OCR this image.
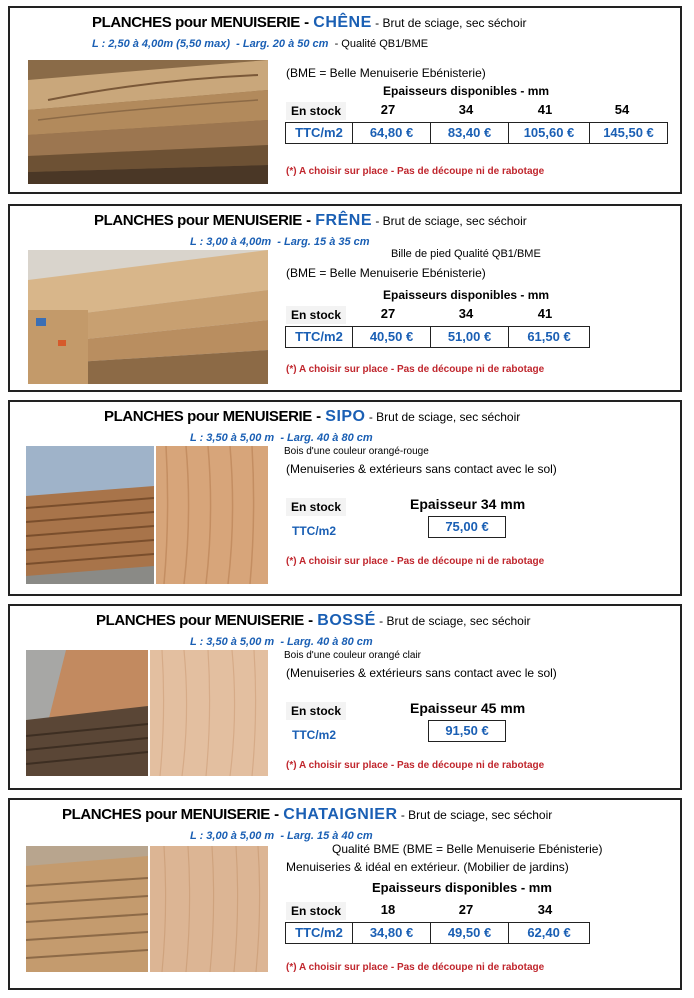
PLANCHES pour MENUISERIE - CHÊNE - Brut de sciage, sec séchoir
L : 2,50 à 4,00m (5,50 max) - Larg. 20 à 50 cm - Qualité QB1/BME
(BME = Belle Menuiserie Ebénisterie)
Epaisseurs disponibles - mm
En stock	27	34	41	54
TTC/m2	64,80 €	83,40 €	105,60 €	145,50 €
(*) A choisir sur place - Pas de découpe ni de rabotage
PLANCHES pour MENUISERIE - FRÊNE - Brut de sciage, sec séchoir
L : 3,00 à 4,00m - Larg. 15 à 35 cm
Bille de pied Qualité QB1/BME
(BME = Belle Menuiserie Ebénisterie)
Epaisseurs disponibles - mm
En stock	27	34	41
TTC/m2	40,50 €	51,00 €	61,50 €
(*) A choisir sur place - Pas de découpe ni de rabotage
PLANCHES pour MENUISERIE - SIPO - Brut de sciage, sec séchoir
L : 3,50 à 5,00 m - Larg. 40 à 80 cm
Bois d'une couleur orangé-rouge
(Menuiseries & extérieurs sans contact avec le sol)
Epaisseur 34 mm
En stock
TTC/m2	75,00 €
(*) A choisir sur place - Pas de découpe ni de rabotage
PLANCHES pour MENUISERIE - BOSSÉ - Brut de sciage, sec séchoir
L : 3,50 à 5,00 m - Larg. 40 à 80 cm
Bois d'une couleur orangé clair
(Menuiseries & extérieurs sans contact avec le sol)
Epaisseur 45 mm
En stock
TTC/m2	91,50 €
(*) A choisir sur place - Pas de découpe ni de rabotage
PLANCHES pour MENUISERIE - CHATAIGNIER - Brut de sciage, sec séchoir
L : 3,00 à 5,00 m - Larg. 15 à 40 cm
Qualité BME (BME = Belle Menuiserie Ebénisterie)
Menuiseries & idéal en extérieur. (Mobilier de jardins)
Epaisseurs disponibles - mm
En stock	18	27	34
TTC/m2	34,80 €	49,50 €	62,40 €
(*) A choisir sur place - Pas de découpe ni de rabotage
